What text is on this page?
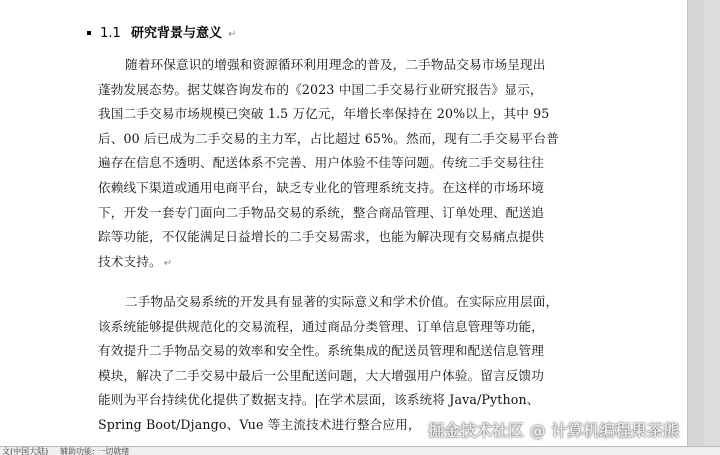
1.1 研究背景与意义 ↵
随着环保意识的增强和资源循环利用理念的普及，二手物品交易市场呈现出
蓬勃发展态势。据艾媒咨询发布的《2023 中国二手交易行业研究报告》显示，
我国二手交易市场规模已突破 1.5 万亿元，年增长率保持在 20%以上，其中 95
后、00 后已成为二手交易的主力军，占比超过 65%。然而，现有二手交易平台普
遍存在信息不透明、配送体系不完善、用户体验不佳等问题。传统二手交易往往
依赖线下渠道或通用电商平台，缺乏专业化的管理系统支持。在这样的市场环境
下，开发一套专门面向二手物品交易的系统，整合商品管理、订单处理、配送追
踪等功能，不仅能满足日益增长的二手交易需求，也能为解决现有交易痛点提供
技术支持。 ↵
二手物品交易系统的开发具有显著的实际意义和学术价值。在实际应用层面，
该系统能够提供规范化的交易流程，通过商品分类管理、订单信息管理等功能，
有效提升二手物品交易的效率和安全性。系统集成的配送员管理和配送信息管理
模块，解决了二手交易中最后一公里配送问题，大大增强用户体验。留言反馈功
能则为平台持续优化提供了数据支持。 在学术层面，该系统将 Java/Python、
Spring Boot/Django、Vue 等主流技术进行整合应用， 掘金技术社区 @ 计算机编程果茶熊
文(中国大陆) 辅助功能: 一切就绪
